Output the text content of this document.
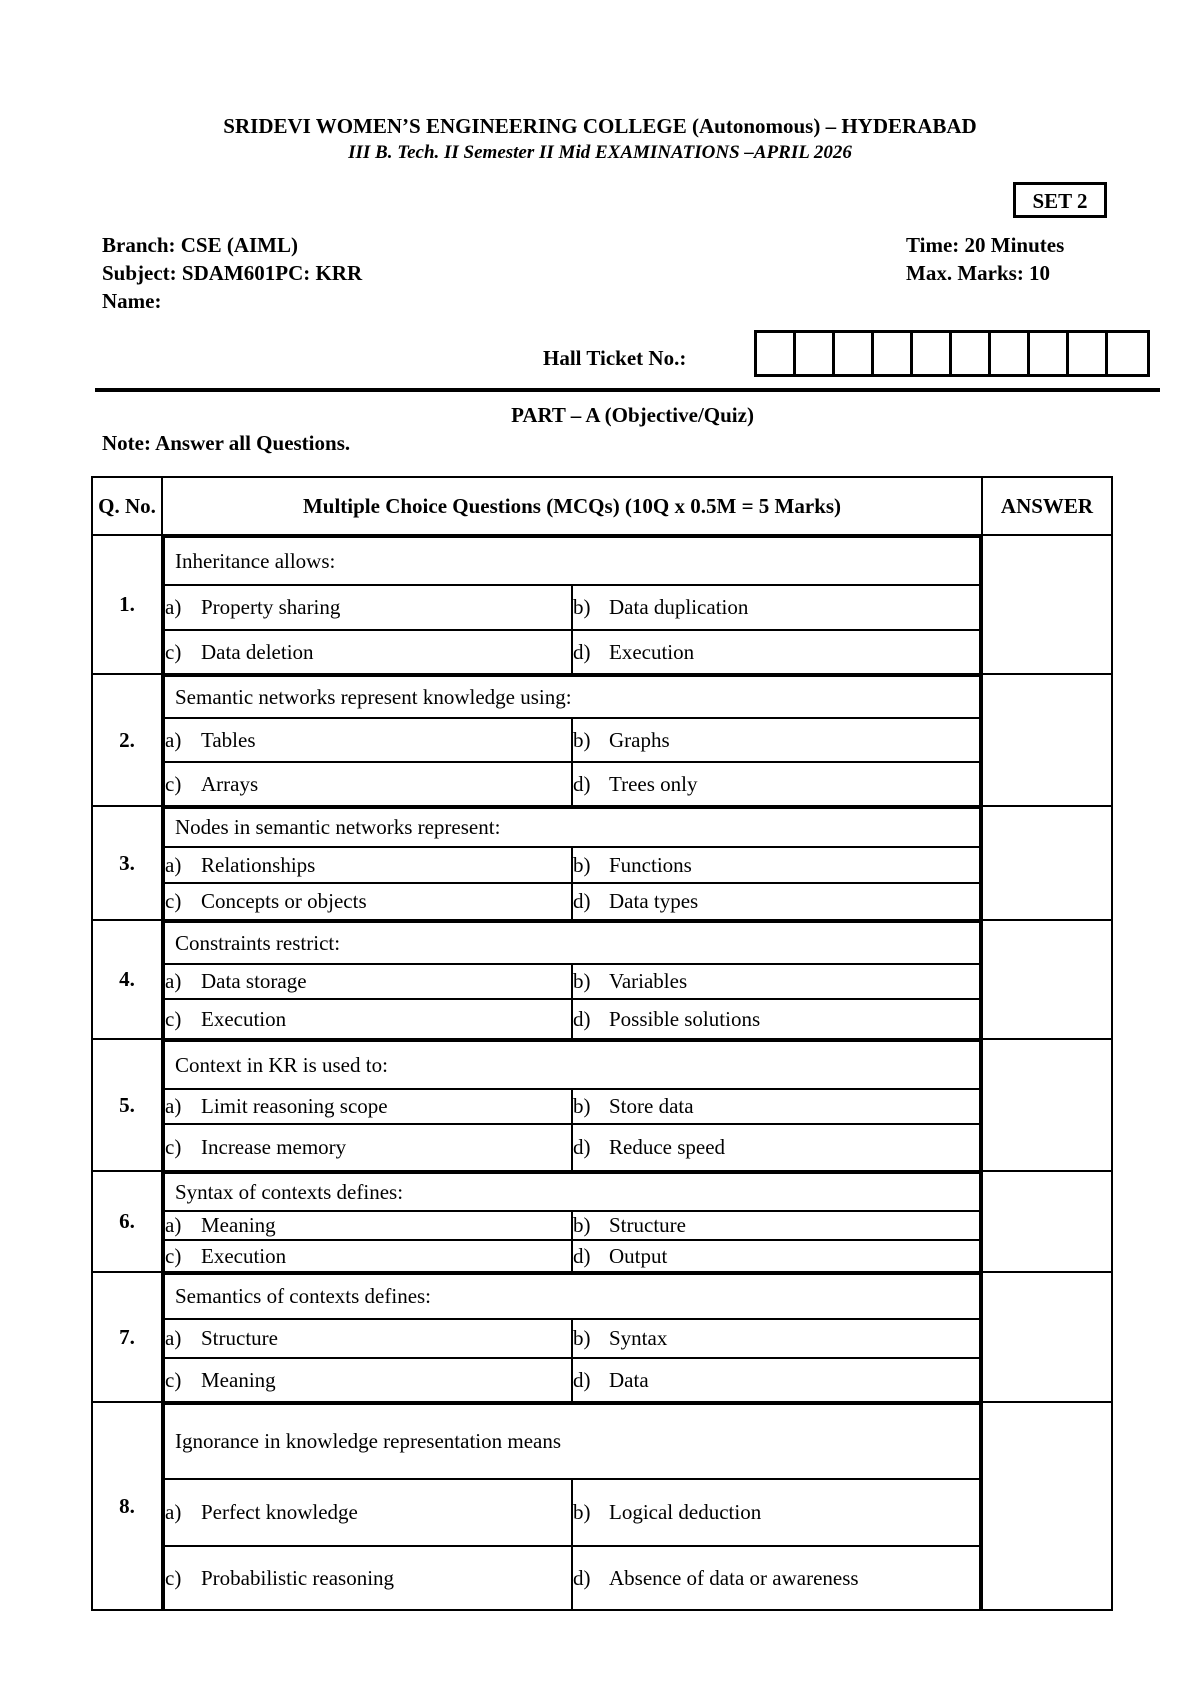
SRIDEVI WOMEN’S ENGINEERING COLLEGE (Autonomous) – HYDERABAD
III B. Tech. II Semester II Mid EXAMINATIONS –APRIL 2026
SET 2
Branch: CSE (AIML)
Subject: SDAM601PC: KRR
Name:
Time: 20 Minutes
Max. Marks: 10
Hall Ticket No.:
PART – A (Objective/Quiz)
Note: Answer all Questions.
Q. No.	Multiple Choice Questions (MCQs) (10Q x 0.5M = 5 Marks)	ANSWER
1.	
Inheritance allows:
a) Property sharing	b) Data duplication
c) Data deletion	d) Execution

2.	
Semantic networks represent knowledge using:
a) Tables	b) Graphs
c) Arrays	d) Trees only

3.	
Nodes in semantic networks represent:
a) Relationships	b) Functions
c) Concepts or objects	d) Data types

4.	
Constraints restrict:
a) Data storage	b) Variables
c) Execution	d) Possible solutions

5.	
Context in KR is used to:
a) Limit reasoning scope	b) Store data
c) Increase memory	d) Reduce speed

6.	
Syntax of contexts defines:
a) Meaning	b) Structure
c) Execution	d) Output

7.	
Semantics of contexts defines:
a) Structure	b) Syntax
c) Meaning	d) Data

8.	
Ignorance in knowledge representation means
a) Perfect knowledge	b) Logical deduction
c) Probabilistic reasoning	d) Absence of data or awareness
